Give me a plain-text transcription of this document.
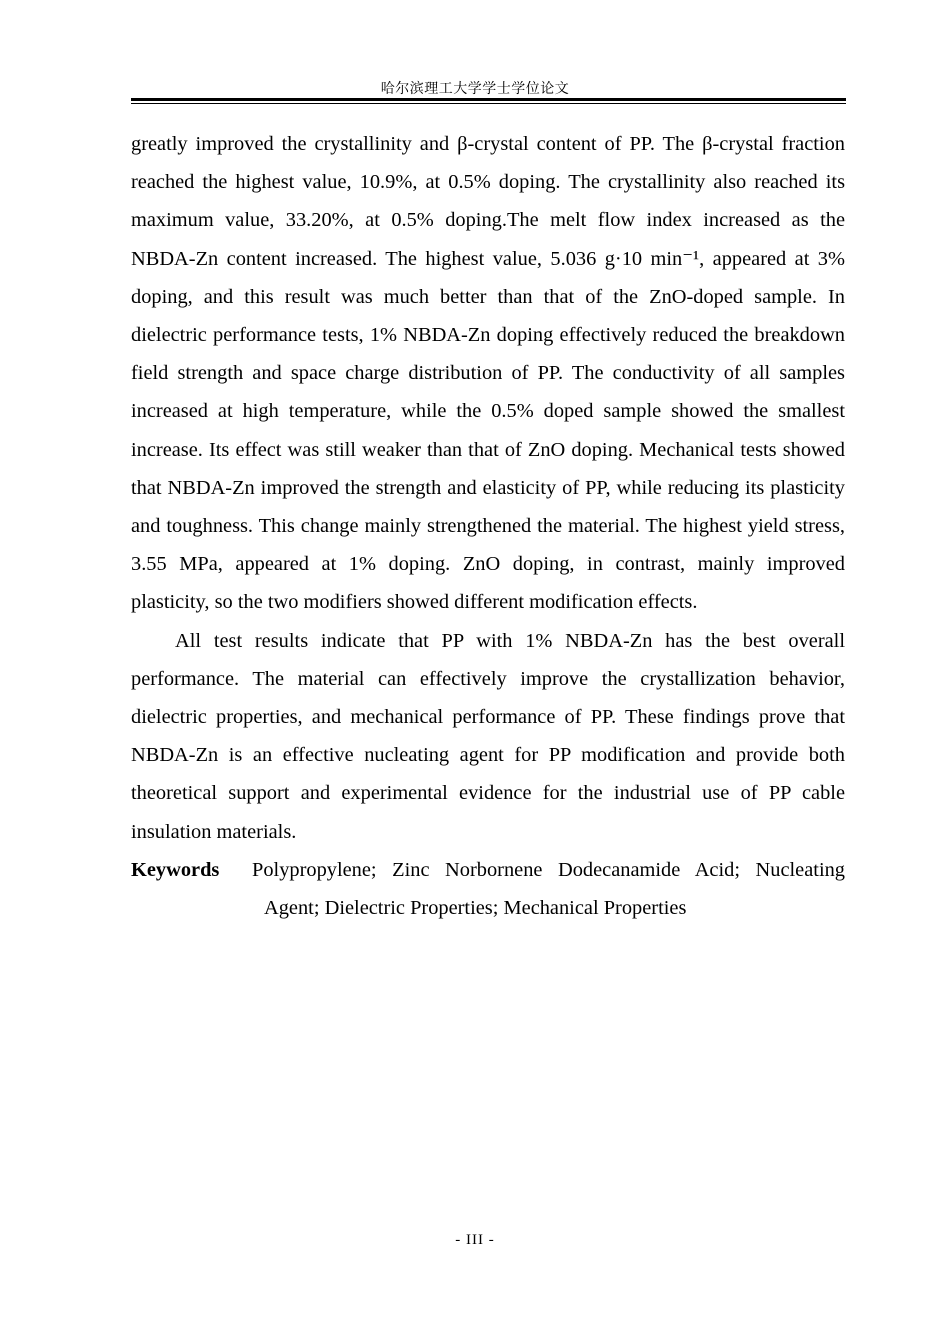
哈尔滨理工大学学士学位论文

greatly improved the crystallinity and β-crystal content of PP. The β-crystal fraction reached the highest value, 10.9%, at 0.5% doping. The crystallinity also reached its maximum value, 33.20%, at 0.5% doping.The melt flow index increased as the NBDA-Zn content increased. The highest value, 5.036 g·10 min⁻¹, appeared at 3% doping, and this result was much better than that of the ZnO-doped sample. In dielectric performance tests, 1% NBDA-Zn doping effectively reduced the breakdown field strength and space charge distribution of PP. The conductivity of all samples increased at high temperature, while the 0.5% doped sample showed the smallest increase. Its effect was still weaker than that of ZnO doping. Mechanical tests showed that NBDA-Zn improved the strength and elasticity of PP, while reducing its plasticity and toughness. This change mainly strengthened the material. The highest yield stress, 3.55 MPa, appeared at 1% doping. ZnO doping, in contrast, mainly improved plasticity, so the two modifiers showed different modification effects.

All test results indicate that PP with 1% NBDA-Zn has the best overall performance. The material can effectively improve the crystallization behavior, dielectric properties, and mechanical performance of PP. These findings prove that NBDA-Zn is an effective nucleating agent for PP modification and provide both theoretical support and experimental evidence for the industrial use of PP cable insulation materials.

Keywords	Polypropylene; Zinc Norbornene Dodecanamide Acid; Nucleating Agent; Dielectric Properties; Mechanical Properties
- III -
